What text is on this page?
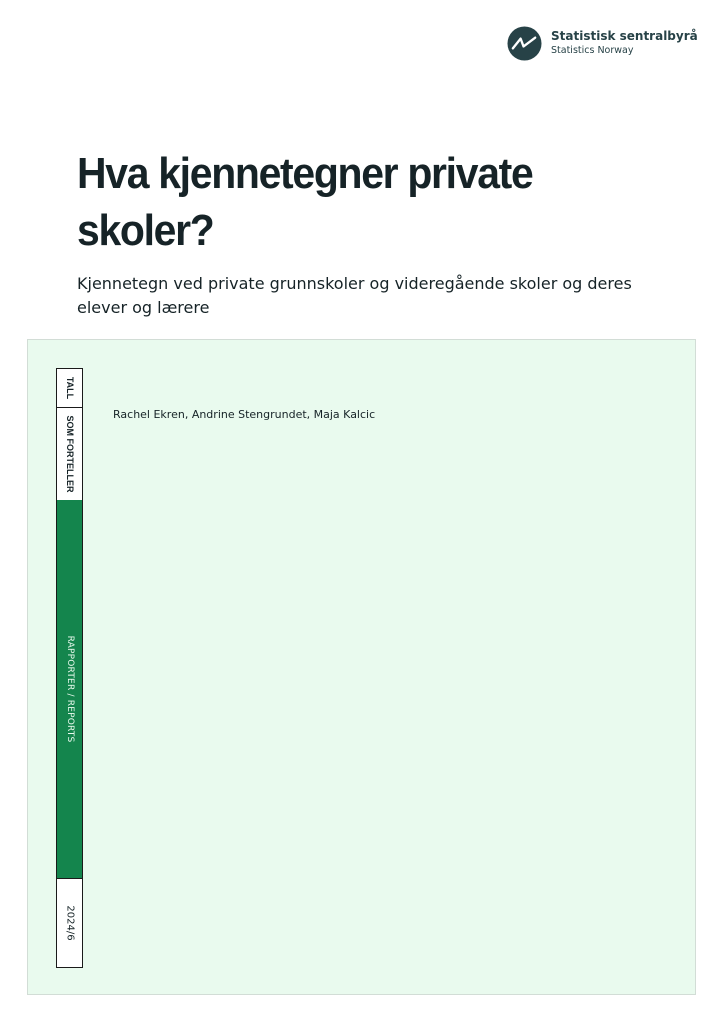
Statistisk sentralbyrå
Statistics Norway
Hva kjennetegner private skoler?

Kjennetegn ved private grunnskoler og videregående skoler og deres elever og lærere

TALL
SOM FORTELLER
RAPPORTER / REPORTS
2024/6
Rachel Ekren, Andrine Stengrundet, Maja Kalcic
